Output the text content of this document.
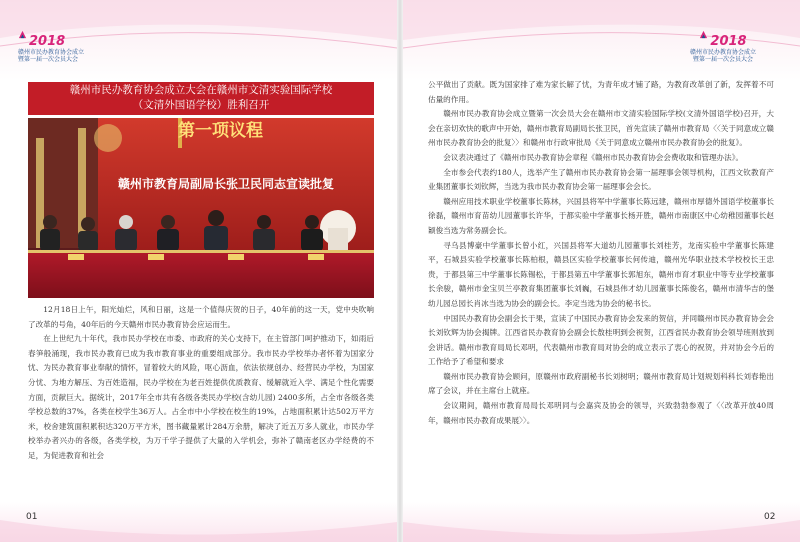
2018
赣州市民办教育协会成立
暨第一届一次会员大会
2018
赣州市民办教育协会成立
暨第一届一次会员大会
赣州市民办教育协会成立大会在赣州市文清实验国际学校
（文清外国语学校）胜利召开
第一项议程
赣州市教育局副局长张卫民同志宣读批复

12月18日上午，阳光灿烂，风和日丽，这是一个值得庆贺的日子，40年前的这一天，党中央吹响了改革的号角，40年后的今天赣州市民办教育协会应运而生。

在上世纪九十年代，我市民办学校在市委、市政府的关心支持下，在主管部门呵护推动下，如雨后春笋般涌现，我市民办教育已成为我市教育事业的重要组成部分。我市民办学校举办者怀着为国家分忧、为民办教育事业奉献的情怀，冒着较大的风险，呕心沥血，依法依规创办、经营民办学校，为国家分忧、为地方解压、为百姓造福，民办学校在为老百姓提供优质教育、缓解就近入学、满足个性化需要方面，贡献巨大。据统计，2017年全市共有各级各类民办学校(含幼儿园) 2400多所，占全市各级各类学校总数的37%，各类在校学生36万人。占全市中小学校在校生的19%，占地面积累计达502万平方米，校舍建筑面积累积达320万平方米，图书藏量累计284万余册，解决了近五万多人就业，市民办学校举办者兴办的各级，各类学校，为万千学子提供了大量的入学机会，弥补了赣南老区办学经费的不足，为促进教育和社会

公平做出了贡献。既为国家排了难为家长解了忧，为青年成才铺了路，为教育改革创了新，发挥着不可估量的作用。

赣州市民办教育协会成立暨第一次会员大会在赣州市文清实验国际学校(文清外国语学校)召开，大会在亲切欢快的歌声中开始，赣州市教育局副局长张卫民，首先宣读了赣州市教育局〈〈关于同意成立赣州市民办教育协会的批复〉〉和赣州市行政审批局《关于同意成立赣州市民办教育协会的批复》。

会议表决通过了《赣州市民办教育协会章程《赣州市民办教育协会会费收取和管理办法》。

全市参会代表约180人，选举产生了赣州市民办教育协会第一届理事会领导机构，江西文钦教育产业集团董事长刘钦辉，当选为我市民办教育协会第一届理事会会长。

赣州应用技术职业学校董事长陈林，兴国县将军中学董事长陈远建，赣州市厚德外国语学校董事长徐磊，赣州市育苗幼儿园董事长许华，于都实验中学董事长杨开胜，赣州市南康区中心幼稚园董事长赵颖俊当选为常务副会长。

寻乌县博豪中学董事长曾小红，兴国县将军大道幼儿园董事长刘桂芳，龙南实验中学董事长陈建平，石城县实验学校董事长陈柏根，赣县区实验学校董事长何传迪，赣州光华职业技术学校校长王忠贵，于都县第三中学董事长陈锡松，于都县第五中学董事长郭旭东，赣州市育才职业中等专业学校董事长余骏，赣州市金宝贝兰亭教育集团董事长刘巍，石城县伟才幼儿园董事长陈俊名，赣州市清华吉的堡幼儿园总园长肖冰当选为协会的副会长。李定当选为协会的秘书长。

中国民办教育协会副会长于果，宣读了中国民办教育协会发来的贺信，并同赣州市民办教育协会会长刘钦辉为协会揭牌。江西省民办教育协会副会长敖桂明到会祝贺，江西省民办教育协会领导班则放到会讲话。赣州市教育局局长邓明，代表赣州市教育局对协会的成立表示了衷心的祝贺，并对协会今后的工作给予了希望和要求

赣州市民办教育协会顾问，原赣州市政府副秘书长刘树明；赣州市教育局计划规划科科长刘春艳出席了会议，并在主席台上就座。

会议期间，赣州市教育局局长邓明同与会嘉宾及协会的领导，兴致勃勃参观了〈〈改革开放40周年，赣州市民办教育成果展〉〉。

01	02
